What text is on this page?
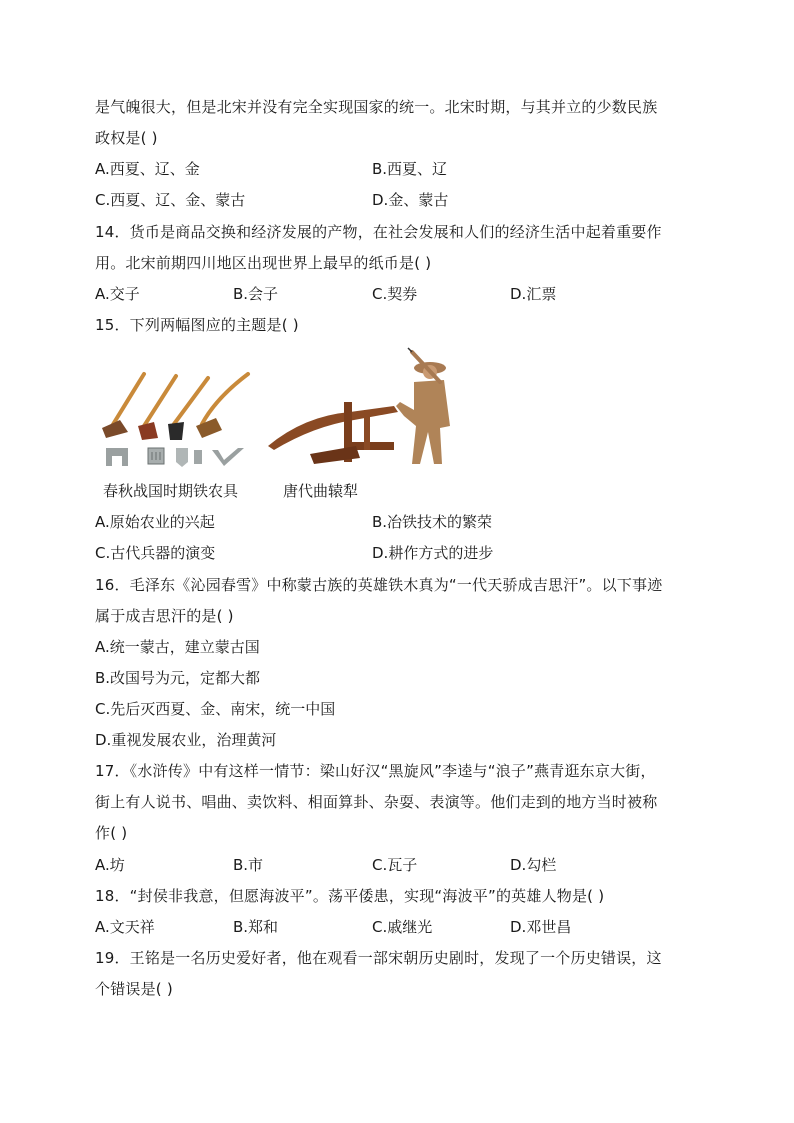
是气魄很大，但是北宋并没有完全实现国家的统一。北宋时期，与其并立的少数民族
政权是( )
A.西夏、辽、金	B.西夏、辽
C.西夏、辽、金、蒙古	D.金、蒙古
14．货币是商品交换和经济发展的产物，在社会发展和人们的经济生活中起着重要作
用。北宋前期四川地区出现世界上最早的纸币是( )
A.交子	B.会子	C.契券	D.汇票
15．下列两幅图应的主题是( )
春秋战国时期铁农具	唐代曲辕犁
A.原始农业的兴起	B.冶铁技术的繁荣
C.古代兵器的演变	D.耕作方式的进步
16．毛泽东《沁园春雪》中称蒙古族的英雄铁木真为“一代天骄成吉思汗”。以下事迹
属于成吉思汗的是( )
A.统一蒙古，建立蒙古国
B.改国号为元，定都大都
C.先后灭西夏、金、南宋，统一中国
D.重视发展农业，治理黄河
17．《水浒传》中有这样一情节：梁山好汉“黑旋风”李逵与“浪子”燕青逛东京大街，
街上有人说书、唱曲、卖饮料、相面算卦、杂耍、表演等。他们走到的地方当时被称
作( )
A.坊	B.市	C.瓦子	D.勾栏
18．“封侯非我意，但愿海波平”。荡平倭患，实现“海波平”的英雄人物是( )
A.文天祥	B.郑和	C.戚继光	D.邓世昌
19．王铭是一名历史爱好者，他在观看一部宋朝历史剧时，发现了一个历史错误，这
个错误是( )
